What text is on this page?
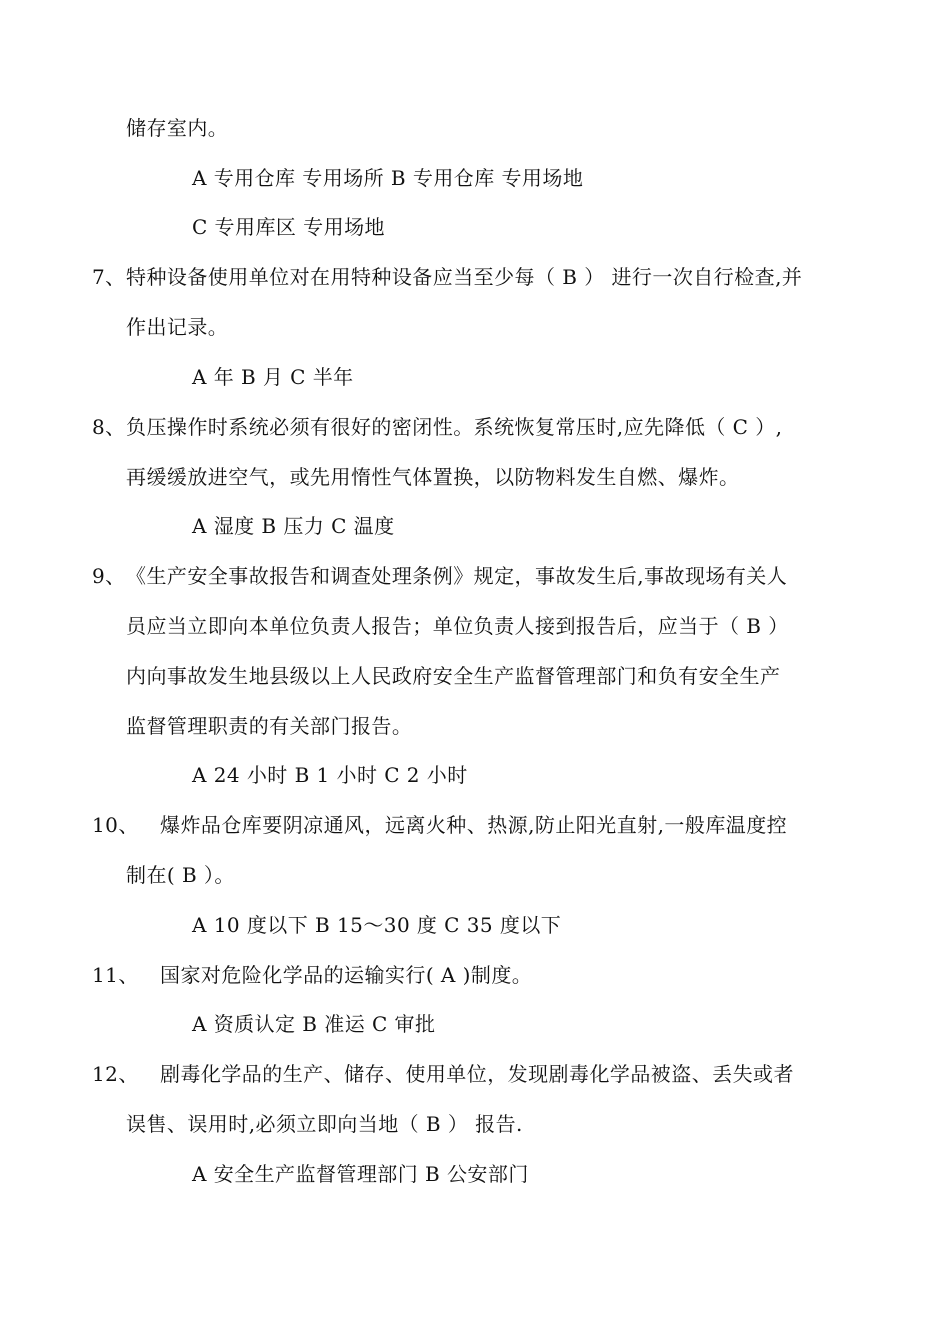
储存室内。

A 专用仓库 专用场所 B 专用仓库 专用场地

C 专用库区 专用场地

7、 特种设备使用单位对在用特种设备应当至少每（ B ） 进行一次自行检查,并

作出记录。

A 年 B 月 C 半年

8、 负压操作时系统必须有很好的密闭性。系统恢复常压时,应先降低（ C ）,

再缓缓放进空气，或先用惰性气体置换，以防物料发生自燃、爆炸。

A 湿度 B 压力 C 温度

9、 《生产安全事故报告和调查处理条例》规定，事故发生后,事故现场有关人

员应当立即向本单位负责人报告；单位负责人接到报告后，应当于（ B ）

内向事故发生地县级以上人民政府安全生产监督管理部门和负有安全生产

监督管理职责的有关部门报告。

A 24 小时 B 1 小时 C 2 小时

10、 爆炸品仓库要阴凉通风，远离火种、热源,防止阳光直射,一般库温度控

制在( B ）。

A 10 度以下 B 15～30 度 C 35 度以下

11、 国家对危险化学品的运输实行( A )制度。

A 资质认定 B 准运 C 审批

12、 剧毒化学品的生产、储存、使用单位，发现剧毒化学品被盗、丢失或者

误售、误用时,必须立即向当地（ B ） 报告.

A 安全生产监督管理部门 B 公安部门
